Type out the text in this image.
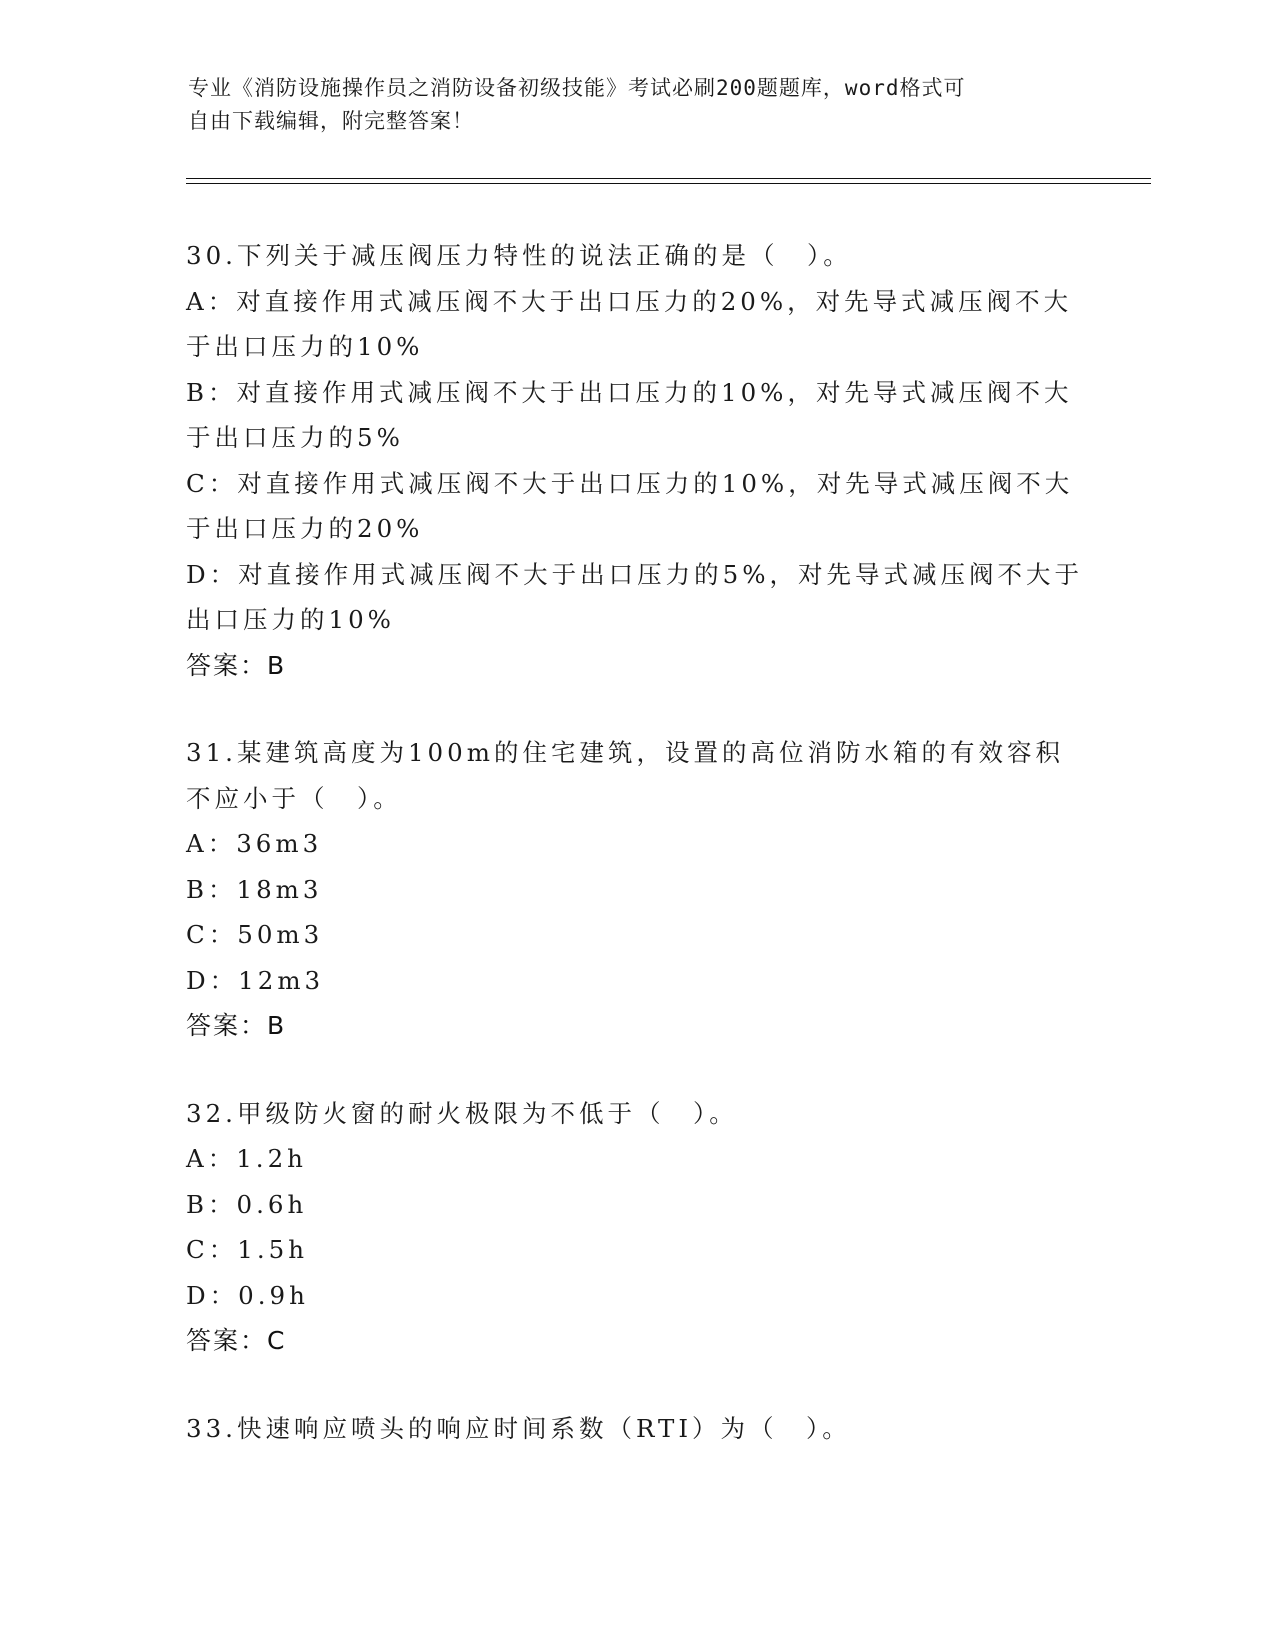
专业《消防设施操作员之消防设备初级技能》考试必刷200题题库，word格式可
自由下载编辑，附完整答案！
30.下列关于减压阀压力特性的说法正确的是（　）。
A：对直接作用式减压阀不大于出口压力的20%，对先导式减压阀不大
于出口压力的10%
B：对直接作用式减压阀不大于出口压力的10%，对先导式减压阀不大
于出口压力的5%
C：对直接作用式减压阀不大于出口压力的10%，对先导式减压阀不大
于出口压力的20%
D：对直接作用式减压阀不大于出口压力的5%，对先导式减压阀不大于
出口压力的10%
答案：B
31.某建筑高度为100m的住宅建筑，设置的高位消防水箱的有效容积
不应小于（　）。
A：36m3
B：18m3
C：50m3
D：12m3
答案：B
32.甲级防火窗的耐火极限为不低于（　）。
A：1.2h
B：0.6h
C：1.5h
D：0.9h
答案：C
33.快速响应喷头的响应时间系数（RTI）为（　）。
